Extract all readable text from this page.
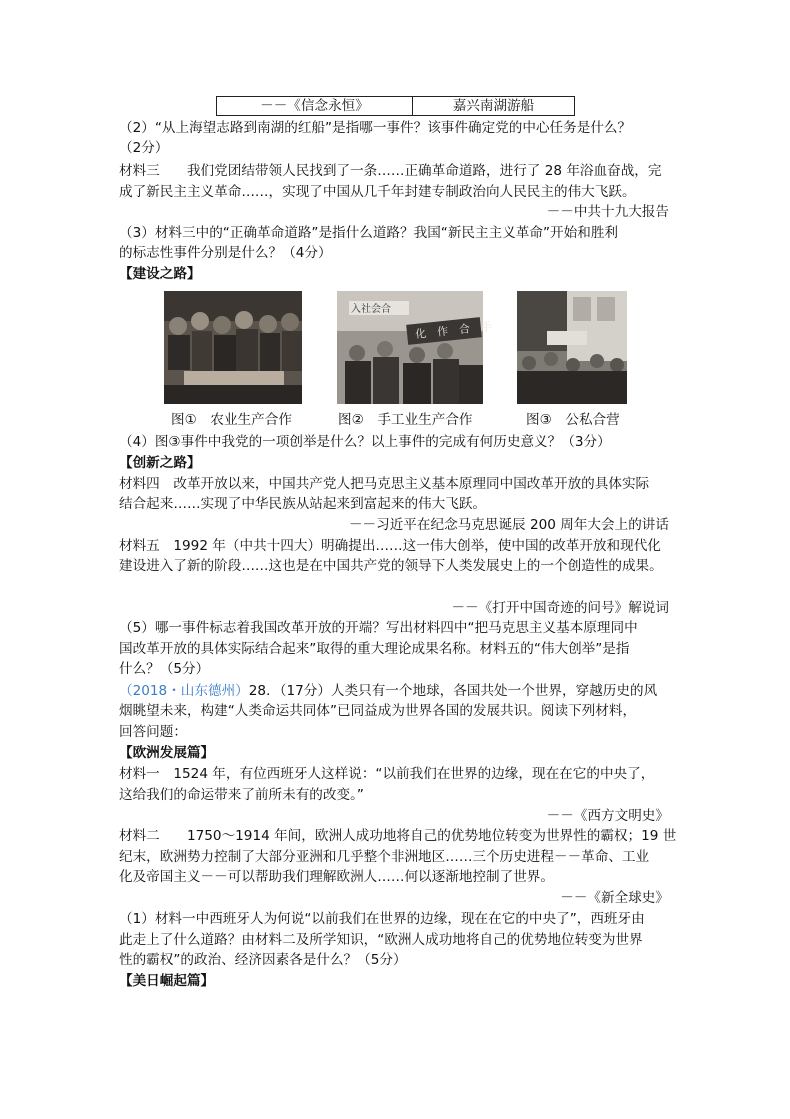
－－《信念永恒》	嘉兴南湖游船
（2）“从上海望志路到南湖的红船”是指哪一事件？该事件确定党的中心任务是什么？
（2分）
材料三　　我们党团结带领人民找到了一条……正确革命道路，进行了 28 年浴血奋战，完
成了新民主主义革命……，实现了中国从几千年封建专制政治向人民民主的伟大飞跃。
－－中共十九大报告
（3）材料三中的“正确革命道路”是指什么道路？我国“新民主主义革命”开始和胜利
的标志性事件分别是什么？（4分）
【建设之路】
入社会合
化　作　合　手
图①　农业生产合作	图②　手工业生产合作	图③　公私合营
（4）图③事件中我党的一项创举是什么？以上事件的完成有何历史意义？（3分）
【创新之路】
材料四　改革开放以来，中国共产党人把马克思主义基本原理同中国改革开放的具体实际
结合起来……实现了中华民族从站起来到富起来的伟大飞跃。
－－习近平在纪念马克思诞辰 200 周年大会上的讲话
材料五　1992 年（中共十四大）明确提出……这一伟大创举，使中国的改革开放和现代化
建设进入了新的阶段……这也是在中国共产党的领导下人类发展史上的一个创造性的成果。
－－《打开中国奇迹的问号》解说词
（5）哪一事件标志着我国改革开放的开端？写出材料四中“把马克思主义基本原理同中
国改革开放的具体实际结合起来”取得的重大理论成果名称。材料五的“伟大创举”是指
什么？（5分）
（2018・山东德州）28．（17分）人类只有一个地球，各国共处一个世界，穿越历史的风
烟眺望未来，构建“人类命运共同体”已同益成为世界各国的发展共识。阅读下列材料，
回答问题：
【欧洲发展篇】
材料一　1524 年，有位西班牙人这样说：“以前我们在世界的边缘，现在在它的中央了，
这给我们的命运带来了前所未有的改变。”
－－《西方文明史》
材料二　　1750～1914 年间，欧洲人成功地将自己的优势地位转变为世界性的霸权；19 世
纪末，欧洲势力控制了大部分亚洲和几乎整个非洲地区……三个历史进程－－革命、工业
化及帝国主义－－可以帮助我们理解欧洲人……何以逐渐地控制了世界。
－－《新全球史》
（1）材料一中西班牙人为何说“以前我们在世界的边缘，现在在它的中央了”，西班牙由
此走上了什么道路？由材料二及所学知识，“欧洲人成功地将自己的优势地位转变为世界
性的霸权”的政治、经济因素各是什么？（5分）
【美日崛起篇】
